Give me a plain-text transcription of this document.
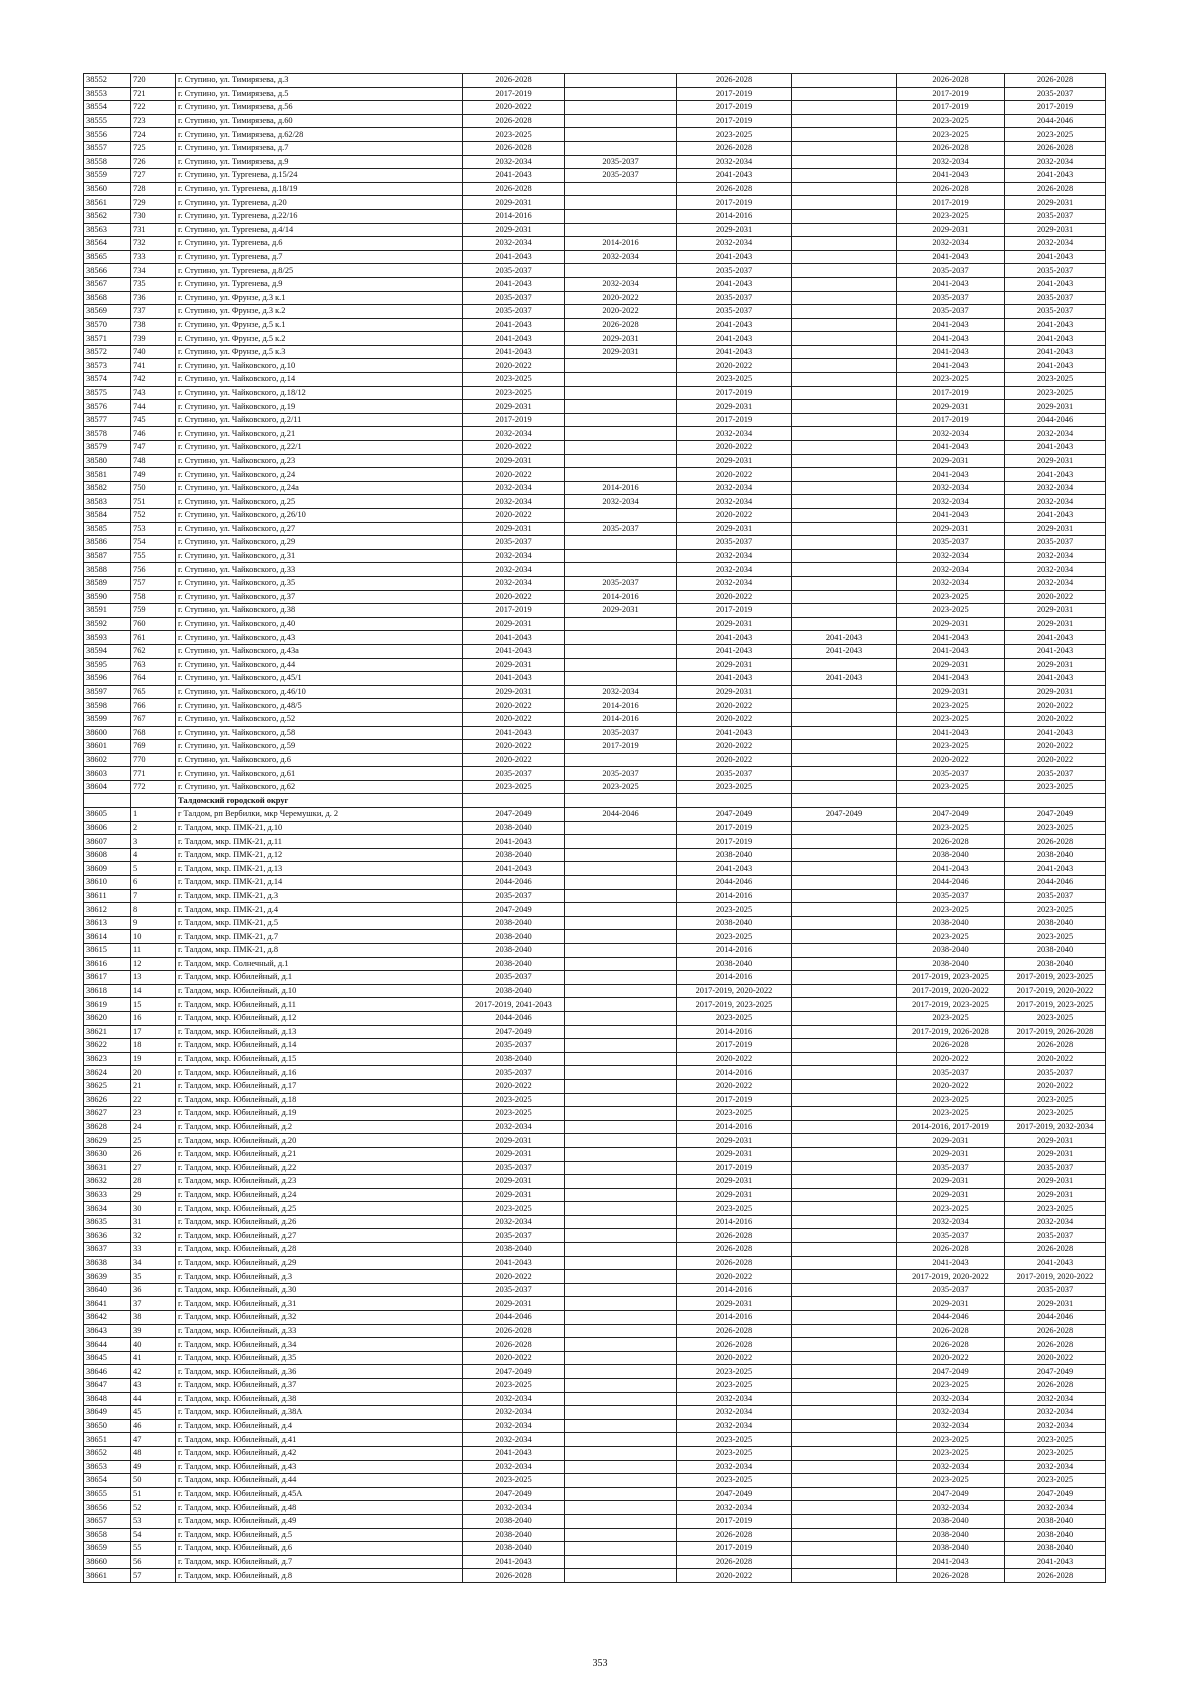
38552	720	г. Ступино, ул. Тимирязева, д.3	2026-2028		2026-2028		2026-2028	2026-2028
38553	721	г. Ступино, ул. Тимирязева, д.5	2017-2019		2017-2019		2017-2019	2035-2037
38554	722	г. Ступино, ул. Тимирязева, д.56	2020-2022		2017-2019		2017-2019	2017-2019
38555	723	г. Ступино, ул. Тимирязева, д.60	2026-2028		2017-2019		2023-2025	2044-2046
38556	724	г. Ступино, ул. Тимирязева, д.62/28	2023-2025		2023-2025		2023-2025	2023-2025
38557	725	г. Ступино, ул. Тимирязева, д.7	2026-2028		2026-2028		2026-2028	2026-2028
38558	726	г. Ступино, ул. Тимирязева, д.9	2032-2034	2035-2037	2032-2034		2032-2034	2032-2034
38559	727	г. Ступино, ул. Тургенева, д.15/24	2041-2043	2035-2037	2041-2043		2041-2043	2041-2043
38560	728	г. Ступино, ул. Тургенева, д.18/19	2026-2028		2026-2028		2026-2028	2026-2028
38561	729	г. Ступино, ул. Тургенева, д.20	2029-2031		2017-2019		2017-2019	2029-2031
38562	730	г. Ступино, ул. Тургенева, д.22/16	2014-2016		2014-2016		2023-2025	2035-2037
38563	731	г. Ступино, ул. Тургенева, д.4/14	2029-2031		2029-2031		2029-2031	2029-2031
38564	732	г. Ступино, ул. Тургенева, д.6	2032-2034	2014-2016	2032-2034		2032-2034	2032-2034
38565	733	г. Ступино, ул. Тургенева, д.7	2041-2043	2032-2034	2041-2043		2041-2043	2041-2043
38566	734	г. Ступино, ул. Тургенева, д.8/25	2035-2037		2035-2037		2035-2037	2035-2037
38567	735	г. Ступино, ул. Тургенева, д.9	2041-2043	2032-2034	2041-2043		2041-2043	2041-2043
38568	736	г. Ступино, ул. Фрунзе, д.3 к.1	2035-2037	2020-2022	2035-2037		2035-2037	2035-2037
38569	737	г. Ступино, ул. Фрунзе, д.3 к.2	2035-2037	2020-2022	2035-2037		2035-2037	2035-2037
38570	738	г. Ступино, ул. Фрунзе, д.5 к.1	2041-2043	2026-2028	2041-2043		2041-2043	2041-2043
38571	739	г. Ступино, ул. Фрунзе, д.5 к.2	2041-2043	2029-2031	2041-2043		2041-2043	2041-2043
38572	740	г. Ступино, ул. Фрунзе, д.5 к.3	2041-2043	2029-2031	2041-2043		2041-2043	2041-2043
38573	741	г. Ступино, ул. Чайковского, д.10	2020-2022		2020-2022		2041-2043	2041-2043
38574	742	г. Ступино, ул. Чайковского, д.14	2023-2025		2023-2025		2023-2025	2023-2025
38575	743	г. Ступино, ул. Чайковского, д.18/12	2023-2025		2017-2019		2017-2019	2023-2025
38576	744	г. Ступино, ул. Чайковского, д.19	2029-2031		2029-2031		2029-2031	2029-2031
38577	745	г. Ступино, ул. Чайковского, д.2/11	2017-2019		2017-2019		2017-2019	2044-2046
38578	746	г. Ступино, ул. Чайковского, д.21	2032-2034		2032-2034		2032-2034	2032-2034
38579	747	г. Ступино, ул. Чайковского, д.22/1	2020-2022		2020-2022		2041-2043	2041-2043
38580	748	г. Ступино, ул. Чайковского, д.23	2029-2031		2029-2031		2029-2031	2029-2031
38581	749	г. Ступино, ул. Чайковского, д.24	2020-2022		2020-2022		2041-2043	2041-2043
38582	750	г. Ступино, ул. Чайковского, д.24а	2032-2034	2014-2016	2032-2034		2032-2034	2032-2034
38583	751	г. Ступино, ул. Чайковского, д.25	2032-2034	2032-2034	2032-2034		2032-2034	2032-2034
38584	752	г. Ступино, ул. Чайковского, д.26/10	2020-2022		2020-2022		2041-2043	2041-2043
38585	753	г. Ступино, ул. Чайковского, д.27	2029-2031	2035-2037	2029-2031		2029-2031	2029-2031
38586	754	г. Ступино, ул. Чайковского, д.29	2035-2037		2035-2037		2035-2037	2035-2037
38587	755	г. Ступино, ул. Чайковского, д.31	2032-2034		2032-2034		2032-2034	2032-2034
38588	756	г. Ступино, ул. Чайковского, д.33	2032-2034		2032-2034		2032-2034	2032-2034
38589	757	г. Ступино, ул. Чайковского, д.35	2032-2034	2035-2037	2032-2034		2032-2034	2032-2034
38590	758	г. Ступино, ул. Чайковского, д.37	2020-2022	2014-2016	2020-2022		2023-2025	2020-2022
38591	759	г. Ступино, ул. Чайковского, д.38	2017-2019	2029-2031	2017-2019		2023-2025	2029-2031
38592	760	г. Ступино, ул. Чайковского, д.40	2029-2031		2029-2031		2029-2031	2029-2031
38593	761	г. Ступино, ул. Чайковского, д.43	2041-2043		2041-2043	2041-2043	2041-2043	2041-2043
38594	762	г. Ступино, ул. Чайковского, д.43а	2041-2043		2041-2043	2041-2043	2041-2043	2041-2043
38595	763	г. Ступино, ул. Чайковского, д.44	2029-2031		2029-2031		2029-2031	2029-2031
38596	764	г. Ступино, ул. Чайковского, д.45/1	2041-2043		2041-2043	2041-2043	2041-2043	2041-2043
38597	765	г. Ступино, ул. Чайковского, д.46/10	2029-2031	2032-2034	2029-2031		2029-2031	2029-2031
38598	766	г. Ступино, ул. Чайковского, д.48/5	2020-2022	2014-2016	2020-2022		2023-2025	2020-2022
38599	767	г. Ступино, ул. Чайковского, д.52	2020-2022	2014-2016	2020-2022		2023-2025	2020-2022
38600	768	г. Ступино, ул. Чайковского, д.58	2041-2043	2035-2037	2041-2043		2041-2043	2041-2043
38601	769	г. Ступино, ул. Чайковского, д.59	2020-2022	2017-2019	2020-2022		2023-2025	2020-2022
38602	770	г. Ступино, ул. Чайковского, д.6	2020-2022		2020-2022		2020-2022	2020-2022
38603	771	г. Ступино, ул. Чайковского, д.61	2035-2037	2035-2037	2035-2037		2035-2037	2035-2037
38604	772	г. Ступино, ул. Чайковского, д.62	2023-2025	2023-2025	2023-2025		2023-2025	2023-2025
		Талдомский городской округ						
38605	1	г Талдом, рп Вербилки, мкр Черемушки, д. 2	2047-2049	2044-2046	2047-2049	2047-2049	2047-2049	2047-2049
38606	2	г. Талдом, мкр. ПМК-21, д.10	2038-2040		2017-2019		2023-2025	2023-2025
38607	3	г. Талдом, мкр. ПМК-21, д.11	2041-2043		2017-2019		2026-2028	2026-2028
38608	4	г. Талдом, мкр. ПМК-21, д.12	2038-2040		2038-2040		2038-2040	2038-2040
38609	5	г. Талдом, мкр. ПМК-21, д.13	2041-2043		2041-2043		2041-2043	2041-2043
38610	6	г. Талдом, мкр. ПМК-21, д.14	2044-2046		2044-2046		2044-2046	2044-2046
38611	7	г. Талдом, мкр. ПМК-21, д.3	2035-2037		2014-2016		2035-2037	2035-2037
38612	8	г. Талдом, мкр. ПМК-21, д.4	2047-2049		2023-2025		2023-2025	2023-2025
38613	9	г. Талдом, мкр. ПМК-21, д.5	2038-2040		2038-2040		2038-2040	2038-2040
38614	10	г. Талдом, мкр. ПМК-21, д.7	2038-2040		2023-2025		2023-2025	2023-2025
38615	11	г. Талдом, мкр. ПМК-21, д.8	2038-2040		2014-2016		2038-2040	2038-2040
38616	12	г. Талдом, мкр. Солнечный, д.1	2038-2040		2038-2040		2038-2040	2038-2040
38617	13	г. Талдом, мкр. Юбилейный, д.1	2035-2037		2014-2016		2017-2019, 2023-2025	2017-2019, 2023-2025
38618	14	г. Талдом, мкр. Юбилейный, д.10	2038-2040		2017-2019, 2020-2022		2017-2019, 2020-2022	2017-2019, 2020-2022
38619	15	г. Талдом, мкр. Юбилейный, д.11	2017-2019, 2041-2043		2017-2019, 2023-2025		2017-2019, 2023-2025	2017-2019, 2023-2025
38620	16	г. Талдом, мкр. Юбилейный, д.12	2044-2046		2023-2025		2023-2025	2023-2025
38621	17	г. Талдом, мкр. Юбилейный, д.13	2047-2049		2014-2016		2017-2019, 2026-2028	2017-2019, 2026-2028
38622	18	г. Талдом, мкр. Юбилейный, д.14	2035-2037		2017-2019		2026-2028	2026-2028
38623	19	г. Талдом, мкр. Юбилейный, д.15	2038-2040		2020-2022		2020-2022	2020-2022
38624	20	г. Талдом, мкр. Юбилейный, д.16	2035-2037		2014-2016		2035-2037	2035-2037
38625	21	г. Талдом, мкр. Юбилейный, д.17	2020-2022		2020-2022		2020-2022	2020-2022
38626	22	г. Талдом, мкр. Юбилейный, д.18	2023-2025		2017-2019		2023-2025	2023-2025
38627	23	г. Талдом, мкр. Юбилейный, д.19	2023-2025		2023-2025		2023-2025	2023-2025
38628	24	г. Талдом, мкр. Юбилейный, д.2	2032-2034		2014-2016		2014-2016, 2017-2019	2017-2019, 2032-2034
38629	25	г. Талдом, мкр. Юбилейный, д.20	2029-2031		2029-2031		2029-2031	2029-2031
38630	26	г. Талдом, мкр. Юбилейный, д.21	2029-2031		2029-2031		2029-2031	2029-2031
38631	27	г. Талдом, мкр. Юбилейный, д.22	2035-2037		2017-2019		2035-2037	2035-2037
38632	28	г. Талдом, мкр. Юбилейный, д.23	2029-2031		2029-2031		2029-2031	2029-2031
38633	29	г. Талдом, мкр. Юбилейный, д.24	2029-2031		2029-2031		2029-2031	2029-2031
38634	30	г. Талдом, мкр. Юбилейный, д.25	2023-2025		2023-2025		2023-2025	2023-2025
38635	31	г. Талдом, мкр. Юбилейный, д.26	2032-2034		2014-2016		2032-2034	2032-2034
38636	32	г. Талдом, мкр. Юбилейный, д.27	2035-2037		2026-2028		2035-2037	2035-2037
38637	33	г. Талдом, мкр. Юбилейный, д.28	2038-2040		2026-2028		2026-2028	2026-2028
38638	34	г. Талдом, мкр. Юбилейный, д.29	2041-2043		2026-2028		2041-2043	2041-2043
38639	35	г. Талдом, мкр. Юбилейный, д.3	2020-2022		2020-2022		2017-2019, 2020-2022	2017-2019, 2020-2022
38640	36	г. Талдом, мкр. Юбилейный, д.30	2035-2037		2014-2016		2035-2037	2035-2037
38641	37	г. Талдом, мкр. Юбилейный, д.31	2029-2031		2029-2031		2029-2031	2029-2031
38642	38	г. Талдом, мкр. Юбилейный, д.32	2044-2046		2014-2016		2044-2046	2044-2046
38643	39	г. Талдом, мкр. Юбилейный, д.33	2026-2028		2026-2028		2026-2028	2026-2028
38644	40	г. Талдом, мкр. Юбилейный, д.34	2026-2028		2026-2028		2026-2028	2026-2028
38645	41	г. Талдом, мкр. Юбилейный, д.35	2020-2022		2020-2022		2020-2022	2020-2022
38646	42	г. Талдом, мкр. Юбилейный, д.36	2047-2049		2023-2025		2047-2049	2047-2049
38647	43	г. Талдом, мкр. Юбилейный, д.37	2023-2025		2023-2025		2023-2025	2026-2028
38648	44	г. Талдом, мкр. Юбилейный, д.38	2032-2034		2032-2034		2032-2034	2032-2034
38649	45	г. Талдом, мкр. Юбилейный, д.38А	2032-2034		2032-2034		2032-2034	2032-2034
38650	46	г. Талдом, мкр. Юбилейный, д.4	2032-2034		2032-2034		2032-2034	2032-2034
38651	47	г. Талдом, мкр. Юбилейный, д.41	2032-2034		2023-2025		2023-2025	2023-2025
38652	48	г. Талдом, мкр. Юбилейный, д.42	2041-2043		2023-2025		2023-2025	2023-2025
38653	49	г. Талдом, мкр. Юбилейный, д.43	2032-2034		2032-2034		2032-2034	2032-2034
38654	50	г. Талдом, мкр. Юбилейный, д.44	2023-2025		2023-2025		2023-2025	2023-2025
38655	51	г. Талдом, мкр. Юбилейный, д.45А	2047-2049		2047-2049		2047-2049	2047-2049
38656	52	г. Талдом, мкр. Юбилейный, д.48	2032-2034		2032-2034		2032-2034	2032-2034
38657	53	г. Талдом, мкр. Юбилейный, д.49	2038-2040		2017-2019		2038-2040	2038-2040
38658	54	г. Талдом, мкр. Юбилейный, д.5	2038-2040		2026-2028		2038-2040	2038-2040
38659	55	г. Талдом, мкр. Юбилейный, д.6	2038-2040		2017-2019		2038-2040	2038-2040
38660	56	г. Талдом, мкр. Юбилейный, д.7	2041-2043		2026-2028		2041-2043	2041-2043
38661	57	г. Талдом, мкр. Юбилейный, д.8	2026-2028		2020-2022		2026-2028	2026-2028
353
